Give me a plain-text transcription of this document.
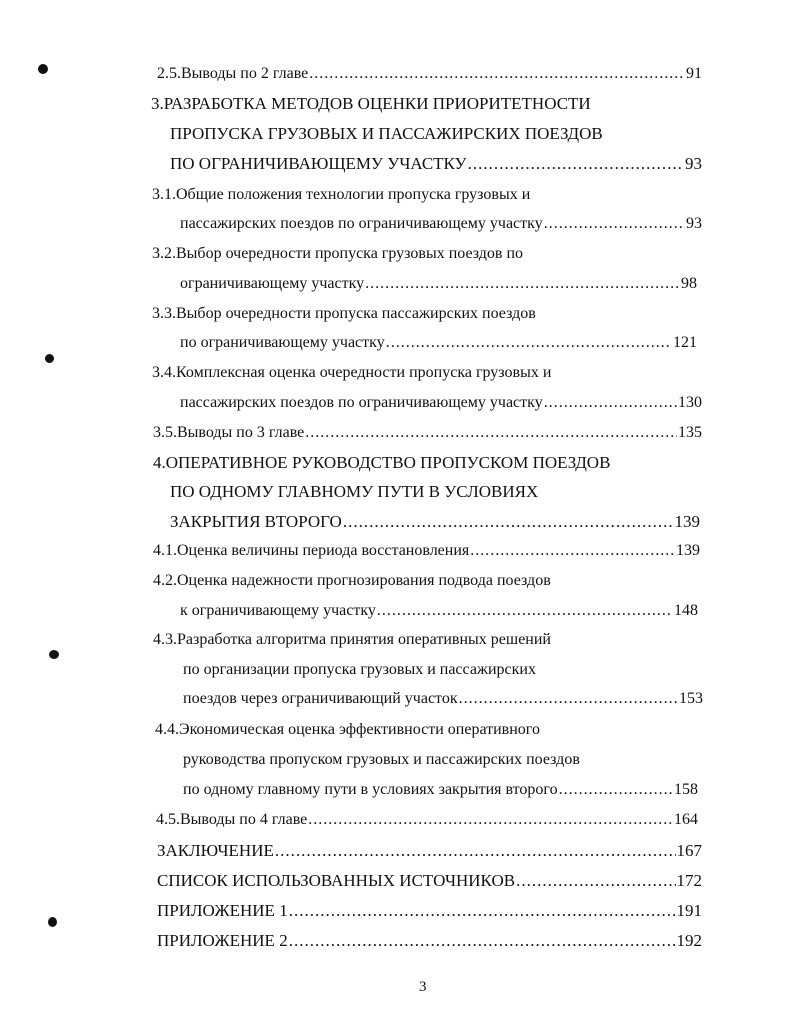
2.5.Выводы по 2 главе .....	91
3.РАЗРАБОТКА МЕТОДОВ ОЦЕНКИ ПРИОРИТЕТНОСТИ
ПРОПУСКА ГРУЗОВЫХ И ПАССАЖИРСКИХ ПОЕЗДОВ
ПО ОГРАНИЧИВАЮЩЕМУ УЧАСТКУ .....	93
3.1.Общие положения технологии пропуска грузовых и
пассажирских поездов по ограничивающему участку .....	93
3.2.Выбор очередности пропуска грузовых поездов по
ограничивающему участку .....	98
3.3.Выбор очередности пропуска пассажирских поездов
по ограничивающему участку .....	121
3.4.Комплексная оценка очередности пропуска грузовых и
пассажирских поездов по ограничивающему участку .....	130
3.5.Выводы по 3 главе .....	135
4.ОПЕРАТИВНОЕ РУКОВОДСТВО ПРОПУСКОМ ПОЕЗДОВ
ПО ОДНОМУ ГЛАВНОМУ ПУТИ В УСЛОВИЯХ
ЗАКРЫТИЯ ВТОРОГО .....	139
4.1.Оценка величины периода восстановления .....	139
4.2.Оценка надежности прогнозирования подвода поездов
к ограничивающему участку .....	148
4.3.Разработка алгоритма принятия оперативных решений
по организации пропуска грузовых и пассажирских
поездов через ограничивающий участок .....	153
4.4.Экономическая оценка эффективности оперативного
руководства пропуском грузовых и пассажирских поездов
по одному главному пути в условиях закрытия второго .....	158
4.5.Выводы по 4 главе .....	164
ЗАКЛЮЧЕНИЕ .....	167
СПИСОК ИСПОЛЬЗОВАННЫХ ИСТОЧНИКОВ .....	172
ПРИЛОЖЕНИЕ 1 .....	191
ПРИЛОЖЕНИЕ 2 .....	192
3
